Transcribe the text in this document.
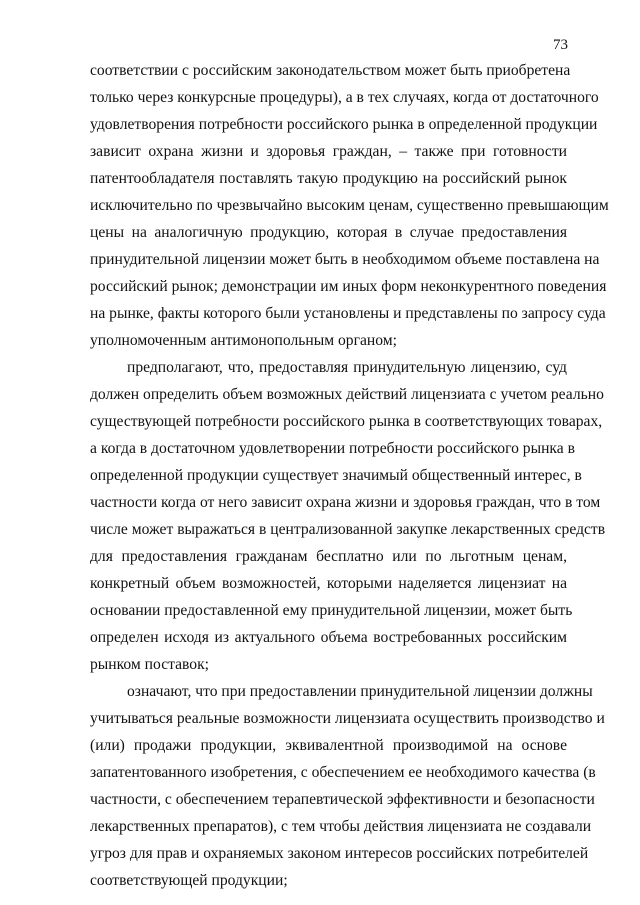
73
соответствии с российским законодательством может быть приобретена
только через конкурсные процедуры), а в тех случаях, когда от достаточного
удовлетворения потребности российского рынка в определенной продукции
зависит охрана жизни и здоровья граждан, – также при готовности
патентообладателя поставлять такую продукцию на российский рынок
исключительно по чрезвычайно высоким ценам, существенно превышающим
цены на аналогичную продукцию, которая в случае предоставления
принудительной лицензии может быть в необходимом объеме поставлена на
российский рынок; демонстрации им иных форм неконкурентного поведения
на рынке, факты которого были установлены и представлены по запросу суда
уполномоченным антимонопольным органом;
предполагают, что, предоставляя принудительную лицензию, суд
должен определить объем возможных действий лицензиата с учетом реально
существующей потребности российского рынка в соответствующих товарах,
а когда в достаточном удовлетворении потребности российского рынка в
определенной продукции существует значимый общественный интерес, в
частности когда от него зависит охрана жизни и здоровья граждан, что в том
числе может выражаться в централизованной закупке лекарственных средств
для предоставления гражданам бесплатно или по льготным ценам,
конкретный объем возможностей, которыми наделяется лицензиат на
основании предоставленной ему принудительной лицензии, может быть
определен исходя из актуального объема востребованных российским
рынком поставок;
означают, что при предоставлении принудительной лицензии должны
учитываться реальные возможности лицензиата осуществить производство и
(или) продажи продукции, эквивалентной производимой на основе
запатентованного изобретения, с обеспечением ее необходимого качества (в
частности, с обеспечением терапевтической эффективности и безопасности
лекарственных препаратов), с тем чтобы действия лицензиата не создавали
угроз для прав и охраняемых законом интересов российских потребителей
соответствующей продукции;
